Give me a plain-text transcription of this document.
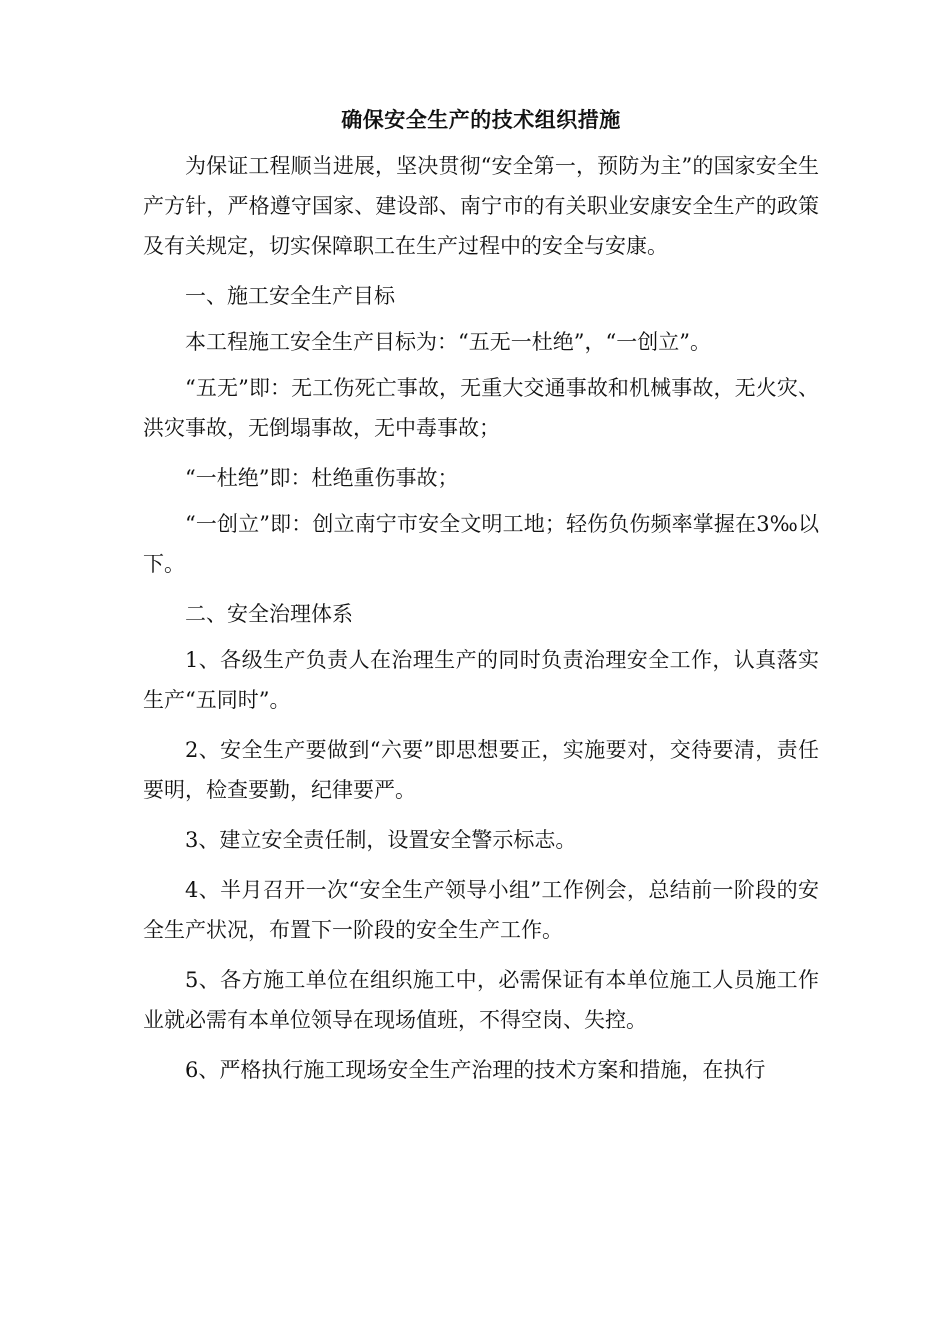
确保安全生产的技术组织措施

为保证工程顺当进展，坚决贯彻“安全第一，预防为主”的国家安全生产方针，严格遵守国家、建设部、南宁市的有关职业安康安全生产的政策及有关规定，切实保障职工在生产过程中的安全与安康。

一、施工安全生产目标

本工程施工安全生产目标为：“五无一杜绝”，“一创立”。

“五无”即：无工伤死亡事故，无重大交通事故和机械事故，无火灾、洪灾事故，无倒塌事故，无中毒事故；

“一杜绝”即：杜绝重伤事故；

“一创立”即：创立南宁市安全文明工地；轻伤负伤频率掌握在3‰以下。

二、安全治理体系

1、各级生产负责人在治理生产的同时负责治理安全工作，认真落实生产“五同时”。

2、安全生产要做到“六要”即思想要正，实施要对，交待要清，责任要明，检查要勤，纪律要严。

3、建立安全责任制，设置安全警示标志。

4、半月召开一次“安全生产领导小组”工作例会，总结前一阶段的安全生产状况，布置下一阶段的安全生产工作。

5、各方施工单位在组织施工中，必需保证有本单位施工人员施工作业就必需有本单位领导在现场值班，不得空岗、失控。

6、严格执行施工现场安全生产治理的技术方案和措施，在执行
